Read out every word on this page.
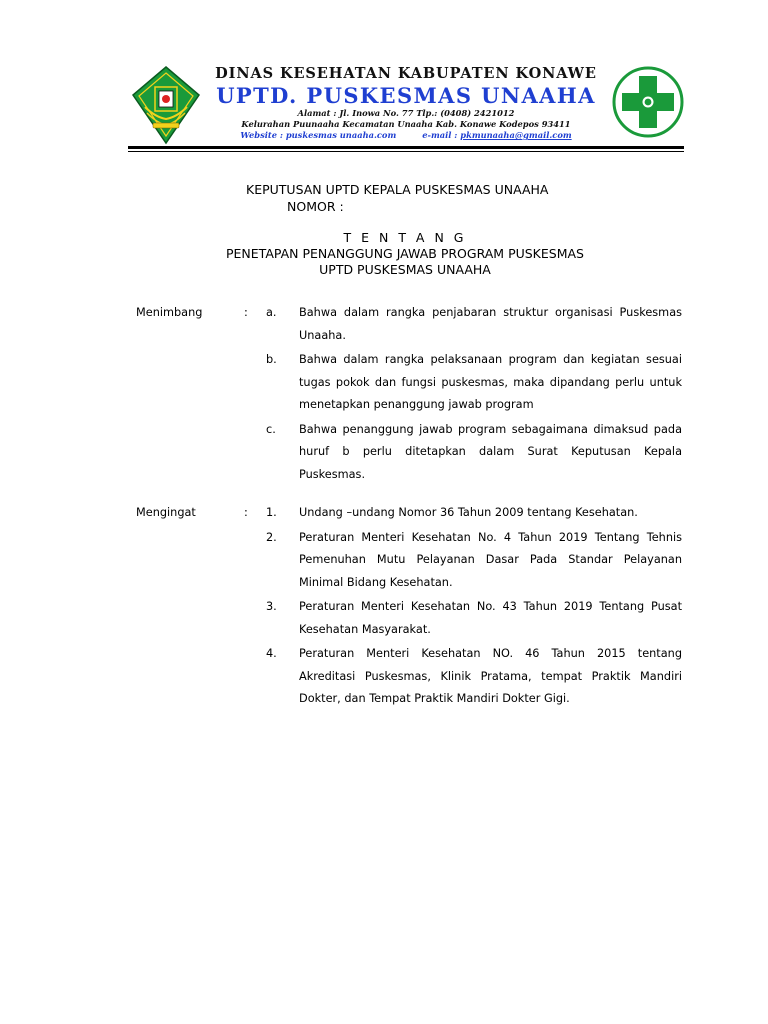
DINAS KESEHATAN KABUPATEN KONAWE
UPTD. PUSKESMAS UNAAHA
Alamat : Jl. Inowa No. 77 Tlp.: (0408) 2421012
Kelurahan Puunaaha Kecamatan Unaaha Kab. Konawe Kodepos 93411
Website : puskesmas unaaha.com	e-mail : pkmunaaha@gmail.com
KEPUTUSAN UPTD KEPALA PUSKESMAS UNAAHA
NOMOR :
T E N T A N G
PENETAPAN PENANGGUNG JAWAB PROGRAM PUSKESMAS
UPTD PUSKESMAS UNAAHA
Menimbang	: a. Bahwa dalam rangka penjabaran struktur organisasi Puskesmas Unaaha.
b. Bahwa dalam rangka pelaksanaan program dan kegiatan sesuai tugas pokok dan fungsi puskesmas, maka dipandang perlu untuk menetapkan penanggung jawab program
c. Bahwa penanggung jawab program sebagaimana dimaksud pada huruf b perlu ditetapkan dalam Surat Keputusan Kepala Puskesmas.
Mengingat	: 1. Undang –undang Nomor 36 Tahun 2009 tentang Kesehatan.
2. Peraturan Menteri Kesehatan No. 4 Tahun 2019 Tentang Tehnis Pemenuhan Mutu Pelayanan Dasar Pada Standar Pelayanan Minimal Bidang Kesehatan.
3. Peraturan Menteri Kesehatan No. 43 Tahun 2019 Tentang Pusat Kesehatan Masyarakat.
4. Peraturan Menteri Kesehatan NO. 46 Tahun 2015 tentang Akreditasi Puskesmas, Klinik Pratama, tempat Praktik Mandiri Dokter, dan Tempat Praktik Mandiri Dokter Gigi.
